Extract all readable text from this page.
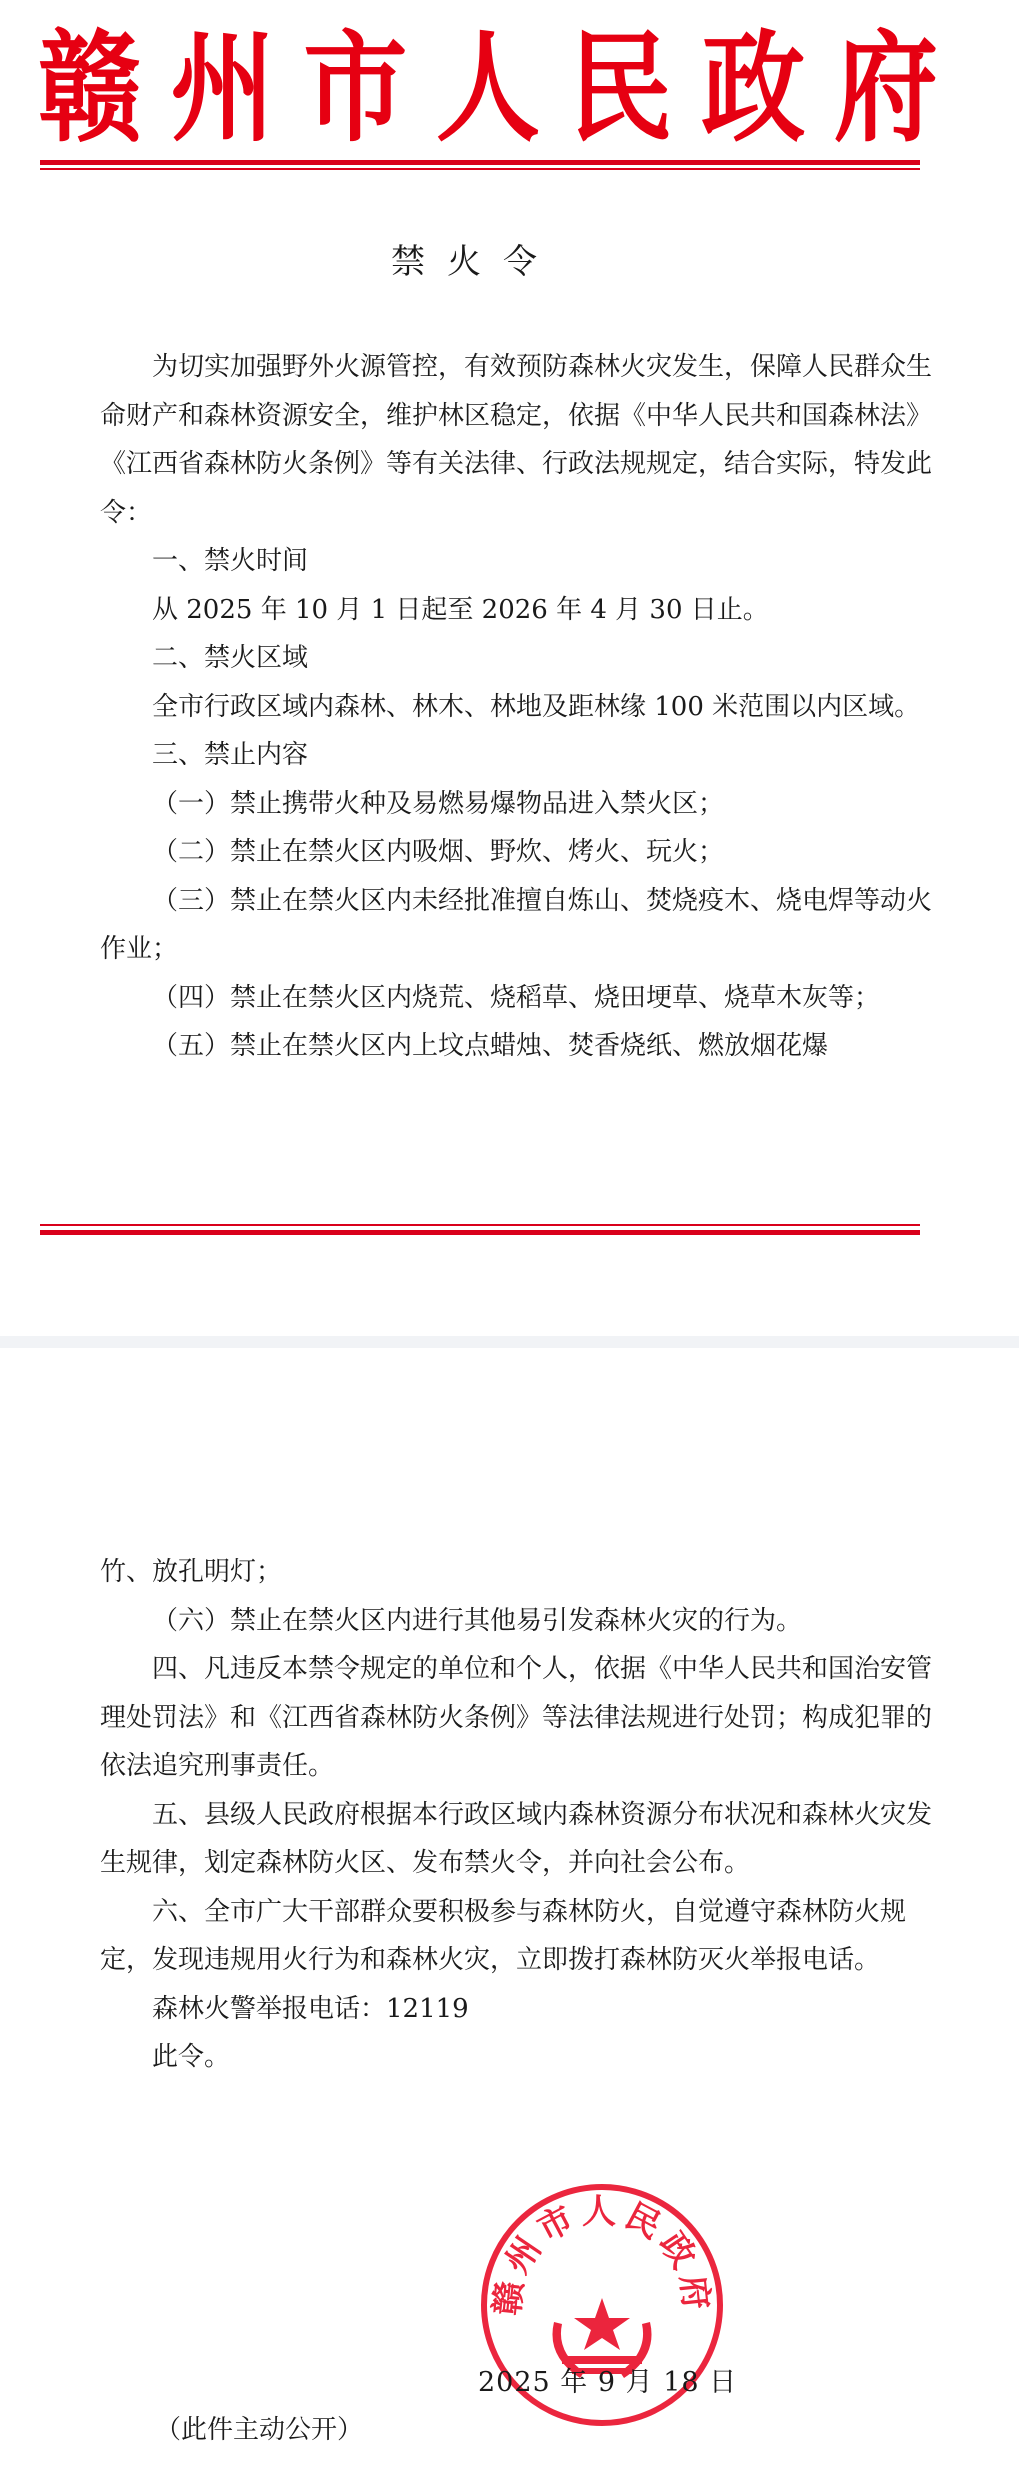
赣 州 市 人 民 政 府
禁火令

为切实加强野外火源管控，有效预防森林火灾发生，保障人民群众生命财产和森林资源安全，维护林区稳定，依据《中华人民共和国森林法》《江西省森林防火条例》等有关法律、行政法规规定，结合实际，特发此令：

一、禁火时间

从 2025 年 10 月 1 日起至 2026 年 4 月 30 日止。

二、禁火区域

全市行政区域内森林、林木、林地及距林缘 100 米范围以内区域。

三、禁止内容

（一）禁止携带火种及易燃易爆物品进入禁火区；

（二）禁止在禁火区内吸烟、野炊、烤火、玩火；

（三）禁止在禁火区内未经批准擅自炼山、焚烧疫木、烧电焊等动火作业；

（四）禁止在禁火区内烧荒、烧稻草、烧田埂草、烧草木灰等；

（五）禁止在禁火区内上坟点蜡烛、焚香烧纸、燃放烟花爆

竹、放孔明灯；

（六）禁止在禁火区内进行其他易引发森林火灾的行为。

四、凡违反本禁令规定的单位和个人，依据《中华人民共和国治安管理处罚法》和《江西省森林防火条例》等法律法规进行处罚；构成犯罪的依法追究刑事责任。

五、县级人民政府根据本行政区域内森林资源分布状况和森林火灾发生规律，划定森林防火区、发布禁火令，并向社会公布。

六、全市广大干部群众要积极参与森林防火，自觉遵守森林防火规定，发现违规用火行为和森林火灾，立即拨打森林防灭火举报电话。

森林火警举报电话：12119

此令。

赣州市人民政府
2025 年 9 月 18 日
（此件主动公开）
